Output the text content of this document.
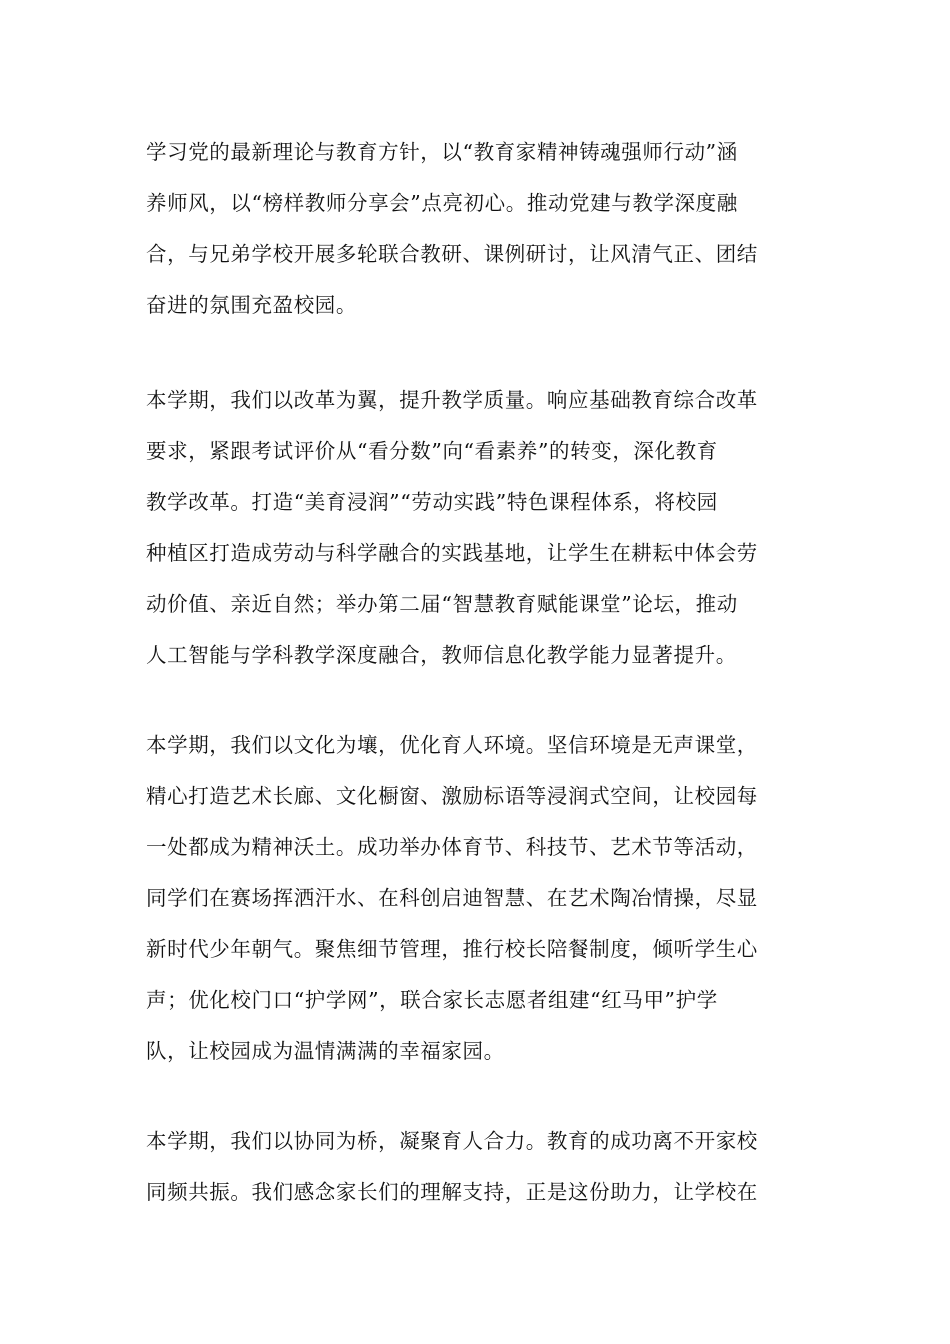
学习党的最新理论与教育方针，以“教育家精神铸魂强师行动”涵
养师风，以“榜样教师分享会”点亮初心。推动党建与教学深度融
合，与兄弟学校开展多轮联合教研、课例研讨，让风清气正、团结
奋进的氛围充盈校园。
本学期，我们以改革为翼，提升教学质量。响应基础教育综合改革
要求，紧跟考试评价从“看分数”向“看素养”的转变，深化教育
教学改革。打造“美育浸润”“劳动实践”特色课程体系，将校园
种植区打造成劳动与科学融合的实践基地，让学生在耕耘中体会劳
动价值、亲近自然；举办第二届“智慧教育赋能课堂”论坛，推动
人工智能与学科教学深度融合，教师信息化教学能力显著提升。
本学期，我们以文化为壤，优化育人环境。坚信环境是无声课堂，
精心打造艺术长廊、文化橱窗、激励标语等浸润式空间，让校园每
一处都成为精神沃土。成功举办体育节、科技节、艺术节等活动，
同学们在赛场挥洒汗水、在科创启迪智慧、在艺术陶冶情操，尽显
新时代少年朝气。聚焦细节管理，推行校长陪餐制度，倾听学生心
声；优化校门口“护学网”，联合家长志愿者组建“红马甲”护学
队，让校园成为温情满满的幸福家园。
本学期，我们以协同为桥，凝聚育人合力。教育的成功离不开家校
同频共振。我们感念家长们的理解支持，正是这份助力，让学校在
